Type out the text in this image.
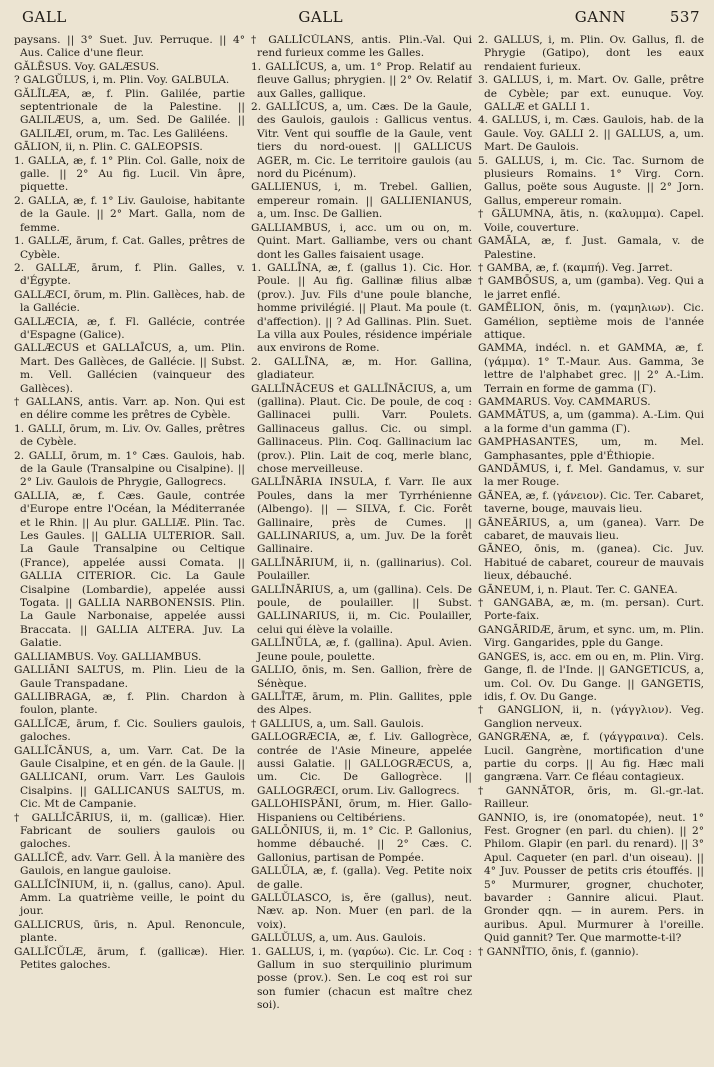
GALL	GALL	GANN	537

paysans. || 3° Suet. Juv. Perruque. || 4° Aus. Calice d'une fleur.

GĂLĒSUS. Voy. GALÆSUS.

? GALGŬLUS, i, m. Plin. Voy. GALBULA.

GĂLĬLÆA, æ, f. Plin. Galilée, partie septentrionale de la Palestine. || GALILÆUS, a, um. Sed. De Galilée. || GALILÆI, orum, m. Tac. Les Galiléens.

GĀLION, ii, n. Plin. C. GALEOPSIS.

1. GALLA, æ, f. 1° Plin. Col. Galle, noix de galle. || 2° Au fig. Lucil. Vin âpre, piquette.

2. GALLA, æ, f. 1° Liv. Gauloise, habitante de la Gaule. || 2° Mart. Galla, nom de femme.

1. GALLÆ, ārum, f. Cat. Galles, prêtres de Cybèle.

2. GALLÆ, ārum, f. Plin. Galles, v. d'Égypte.

GALLÆCI, ōrum, m. Plin. Gallèces, hab. de la Gallécie.

GALLÆCIA, æ, f. Fl. Gallécie, contrée d'Espagne (Galice).

GALLÆCUS et GALLAĪCUS, a, um. Plin. Mart. Des Gallèces, de Gallécie. || Subst. m. Vell. Gallécien (vainqueur des Gallèces).

† GALLANS, antis. Varr. ap. Non. Qui est en délire comme les prêtres de Cybèle.

1. GALLI, ōrum, m. Liv. Ov. Galles, prêtres de Cybèle.

2. GALLI, ōrum, m. 1° Cæs. Gaulois, hab. de la Gaule (Transalpine ou Cisalpine). || 2° Liv. Gaulois de Phrygie, Gallogrecs.

GALLIA, æ, f. Cæs. Gaule, contrée d'Europe entre l'Océan, la Méditerranée et le Rhin. || Au plur. GALLIÆ. Plin. Tac. Les Gaules. || GALLIA ULTERIOR. Sall. La Gaule Transalpine ou Celtique (France), appelée aussi Comata. || GALLIA CITERIOR. Cic. La Gaule Cisalpine (Lombardie), appelée aussi Togata. || GALLIA NARBONENSIS. Plin. La Gaule Narbonaise, appelée aussi Braccata. || GALLIA ALTERA. Juv. La Galatie.

GALLIAMBUS. Voy. GALLIAMBUS.

GALLIĀNI SALTUS, m. Plin. Lieu de la Gaule Transpadane.

GALLIBRAGA, æ, f. Plin. Chardon à foulon, plante.

GALLĬCÆ, ārum, f. Cic. Souliers gaulois, galoches.

GALLĬCĀNUS, a, um. Varr. Cat. De la Gaule Cisalpine, et en gén. de la Gaule. || GALLICANI, orum. Varr. Les Gaulois Cisalpins. || GALLICANUS SALTUS, m. Cic. Mt de Campanie.

† GALLĬCĀRIUS, ii, m. (gallicæ). Hier. Fabricant de souliers gaulois ou galoches.

GALLĬCĒ, adv. Varr. Gell. À la manière des Gaulois, en langue gauloise.

GALLĬCĬNIUM, ii, n. (gallus, cano). Apul. Amm. La quatrième veille, le point du jour.

GALLICRUS, ūris, n. Apul. Renoncule, plante.

GALLĬCŬLÆ, ārum, f. (gallicæ). Hier. Petites galoches.

† GALLĬCŬLANS, antis. Plin.-Val. Qui rend furieux comme les Galles.

1. GALLĬCUS, a, um. 1° Prop. Relatif au fleuve Gallus; phrygien. || 2° Ov. Relatif aux Galles, gallique.

2. GALLĬCUS, a, um. Cæs. De la Gaule, des Gaulois, gaulois : Gallicus ventus. Vitr. Vent qui souffle de la Gaule, vent tiers du nord-ouest. || GALLICUS AGER, m. Cic. Le territoire gaulois (au nord du Picénum).

GALLIENUS, i, m. Trebel. Gallien, empereur romain. || GALLIENIANUS, a, um. Insc. De Gallien.

GALLIAMBUS, i, acc. um ou on, m. Quint. Mart. Galliambe, vers ou chant dont les Galles faisaient usage.

1. GALLĪNA, æ, f. (gallus 1). Cic. Hor. Poule. || Au fig. Gallinæ filius albæ (prov.). Juv. Fils d'une poule blanche, homme privilégié. || Plaut. Ma poule (t. d'affection). || ? Ad Gallinas. Plin. Suet. La villa aux Poules, résidence impériale aux environs de Rome.

2. GALLĪNA, æ, m. Hor. Gallina, gladiateur.

GALLĪNĀCEUS et GALLĪNĀCIUS, a, um (gallina). Plaut. Cic. De poule, de coq : Gallinacei pulli. Varr. Poulets. Gallinaceus gallus. Cic. ou simpl. Gallinaceus. Plin. Coq. Gallinacium lac (prov.). Plin. Lait de coq, merle blanc, chose merveilleuse.

GALLĪNĀRIA INSULA, f. Varr. Ile aux Poules, dans la mer Tyrrhénienne (Albengo). || — SILVA, f. Cic. Forêt Gallinaire, près de Cumes. || GALLINARIUS, a, um. Juv. De la forêt Gallinaire.

GALLĪNĀRIUM, ii, n. (gallinarius). Col. Poulailler.

GALLĪNĀRIUS, a, um (gallina). Cels. De poule, de poulailler. || Subst. GALLINARIUS, ii, m. Cic. Poulailler, celui qui élève la volaille.

GALLĪNŬLA, æ, f. (gallina). Apul. Avien. Jeune poule, poulette.

GALLIO, ōnis, m. Sen. Gallion, frère de Sénèque.

GALLĪTÆ, ārum, m. Plin. Gallites, pple des Alpes.

† GALLIUS, a, um. Sall. Gaulois.

GALLOGRÆCIA, æ, f. Liv. Gallogrèce, contrée de l'Asie Mineure, appelée aussi Galatie. || GALLOGRÆCUS, a, um. Cic. De Gallogrèce. || GALLOGRÆCI, orum. Liv. Gallogrecs.

GALLOHISPĀNI, ōrum, m. Hier. Gallo-Hispaniens ou Celtibériens.

GALLŌNIUS, ii, m. 1° Cic. P. Gallonius, homme débauché. || 2° Cæs. C. Gallonius, partisan de Pompée.

GALLŬLA, æ, f. (galla). Veg. Petite noix de galle.

GALLŬLASCO, is, ĕre (gallus), neut. Næv. ap. Non. Muer (en parl. de la voix).

GALLŬLUS, a, um. Aus. Gaulois.

1. GALLUS, i, m. (γαρύω). Cic. Lr. Coq : Gallum in suo sterquilinio plurimum posse (prov.). Sen. Le coq est roi sur son fumier (chacun est maître chez soi).

2. GALLUS, i, m. Plin. Ov. Gallus, fl. de Phrygie (Gatipo), dont les eaux rendaient furieux.

3. GALLUS, i, m. Mart. Ov. Galle, prêtre de Cybèle; par ext. eunuque. Voy. GALLÆ et GALLI 1.

4. GALLUS, i, m. Cæs. Gaulois, hab. de la Gaule. Voy. GALLI 2. || GALLUS, a, um. Mart. De Gaulois.

5. GALLUS, i, m. Cic. Tac. Surnom de plusieurs Romains. 1° Virg. Corn. Gallus, poëte sous Auguste. || 2° Jorn. Gallus, empereur romain.

† GĀLUMNA, ātis, n. (καλυμμα). Capel. Voile, couverture.

GAMĀLA, æ, f. Just. Gamala, v. de Palestine.

† GAMBA, æ, f. (καμπή). Veg. Jarret.

† GAMBŌSUS, a, um (gamba). Veg. Qui a le jarret enflé.

GAMĒLION, ōnis, m. (γαμηλιων). Cic. Gamélion, septième mois de l'année attique.

GAMMA, indécl. n. et GAMMA, æ, f. (γάμμα). 1° T.-Maur. Aus. Gamma, 3e lettre de l'alphabet grec. || 2° A.-Lim. Terrain en forme de gamma (Γ).

GAMMARUS. Voy. CAMMARUS.

GAMMĀTUS, a, um (gamma). A.-Lim. Qui a la forme d'un gamma (Γ).

GAMPHASANTES, um, m. Mel. Gamphasantes, pple d'Éthiopie.

GANDĀMUS, i, f. Mel. Gandamus, v. sur la mer Rouge.

GĀNEA, æ, f. (γάνειον). Cic. Ter. Cabaret, taverne, bouge, mauvais lieu.

GĀNEĀRIUS, a, um (ganea). Varr. De cabaret, de mauvais lieu.

GĀNEO, ōnis, m. (ganea). Cic. Juv. Habitué de cabaret, coureur de mauvais lieux, débauché.

GĀNEUM, i, n. Plaut. Ter. C. GANEA.

† GANGABA, æ, m. (m. persan). Curt. Porte-faix.

GANGĀRIDÆ, ārum, et sync. um, m. Plin. Virg. Gangarides, pple du Gange.

GANGES, is, acc. em ou en, m. Plin. Virg. Gange, fl. de l'Inde. || GANGETICUS, a, um. Col. Ov. Du Gange. || GANGETIS, idis, f. Ov. Du Gange.

† GANGLION, ii, n. (γάγγλιον). Veg. Ganglion nerveux.

GANGRÆNA, æ, f. (γάγγραινα). Cels. Lucil. Gangrène, mortification d'une partie du corps. || Au fig. Hæc mali gangræna. Varr. Ce fléau contagieux.

† GANNĀTOR, ōris, m. Gl.-gr.-lat. Railleur.

GANNIO, is, ire (onomatopée), neut. 1° Fest. Grogner (en parl. du chien). || 2° Philom. Glapir (en parl. du renard). || 3° Apul. Caqueter (en parl. d'un oiseau). || 4° Juv. Pousser de petits cris étouffés. || 5° Murmurer, grogner, chuchoter, bavarder : Gannire alicui. Plaut. Gronder qqn. — in aurem. Pers. in auribus. Apul. Murmurer à l'oreille. Quid gannit? Ter. Que marmotte-t-il?

† GANNĪTIO, ōnis, f. (gannio).
